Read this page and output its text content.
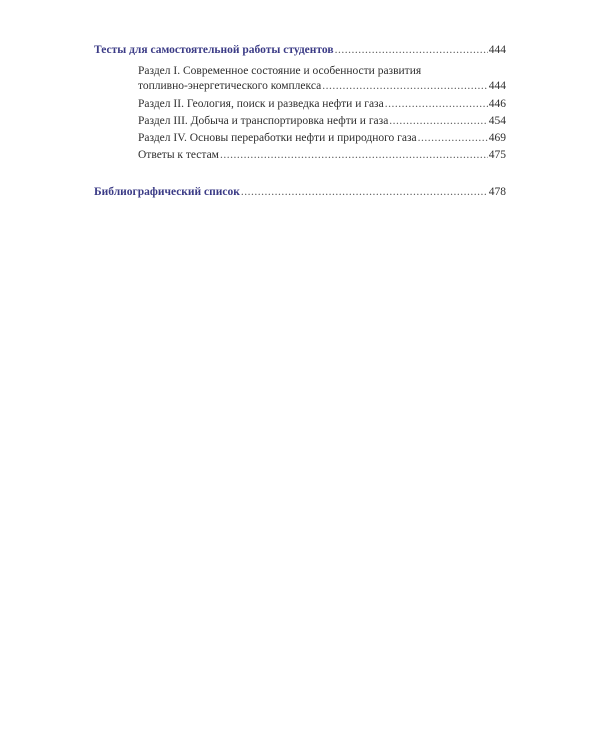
Тесты для самостоятельной работы студентов .....	444
Раздел I. Современное состояние и особенности развития
топливно-энергетического комплекса .....	444
Раздел II. Геология, поиск и разведка нефти и газа .....	446
Раздел III. Добыча и транспортировка нефти и газа .....	454
Раздел IV. Основы переработки нефти и природного газа .....	469
Ответы к тестам .....	475
Библиографический список .....	478
